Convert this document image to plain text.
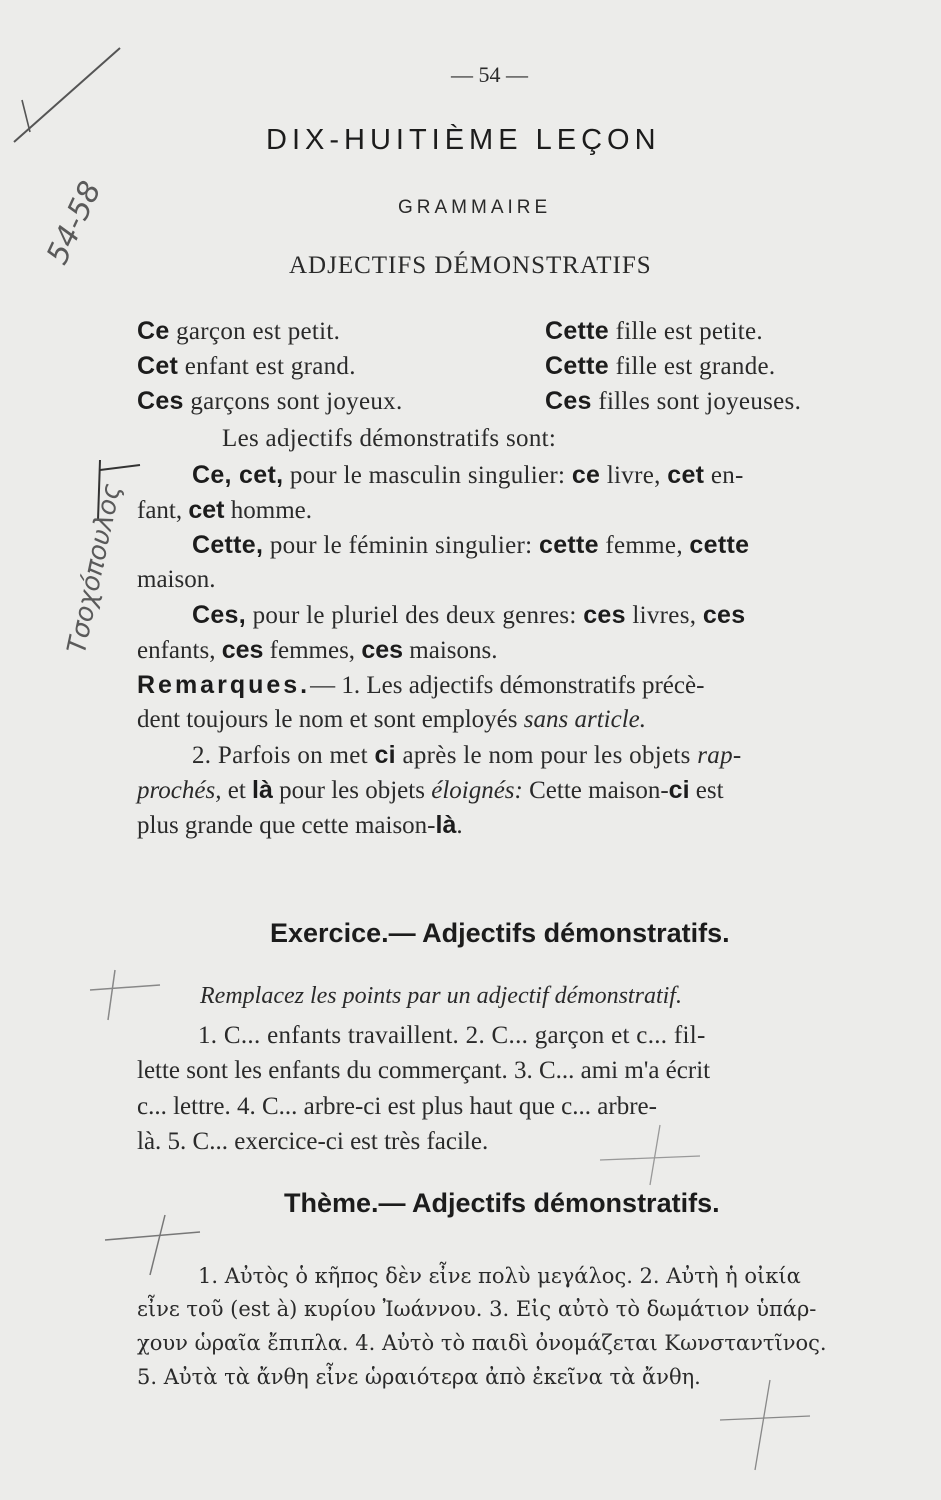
54-58
Τσοχόπουλος
— 54 —
DIX-HUITIÈME LEÇON
GRAMMAIRE
ADJECTIFS DÉMONSTRATIFS
Ce garçon est petit.	Cette fille est petite.
Cet enfant est grand.	Cette fille est grande.
Ces garçons sont joyeux.	Ces filles sont joyeuses.
Les adjectifs démonstratifs sont:
Ce, cet, pour le masculin singulier: ce livre, cet en-
fant, cet homme.
Cette, pour le féminin singulier: cette femme, cette
maison.
Ces, pour le pluriel des deux genres: ces livres, ces
enfants, ces femmes, ces maisons.
Remarques.— 1. Les adjectifs démonstratifs précè-
dent toujours le nom et sont employés sans article.
2. Parfois on met ci après le nom pour les objets rap-
prochés, et là pour les objets éloignés: Cette maison-ci est
plus grande que cette maison-là.
Exercice.— Adjectifs démonstratifs.
Remplacez les points par un adjectif démonstratif.
1. C... enfants travaillent. 2. C... garçon et c... fil-
lette sont les enfants du commerçant. 3. C... ami m'a écrit
c... lettre. 4. C... arbre-ci est plus haut que c... arbre-
là. 5. C... exercice-ci est très facile.
Thème.— Adjectifs démonstratifs.
1. Αὐτὸς ὁ κῆπος δὲν εἶνε πολὺ μεγάλος. 2. Αὐτὴ ἡ οἰκία
εἶνε τοῦ (est à) κυρίου Ἰωάννου. 3. Εἰς αὐτὸ τὸ δωμάτιον ὑπάρ-
χουν ὡραῖα ἔπιπλα. 4. Αὐτὸ τὸ παιδὶ ὀνομάζεται Κωνσταντῖνος.
5. Αὐτὰ τὰ ἄνθη εἶνε ὡραιότερα ἀπὸ ἐκεῖνα τὰ ἄνθη.
